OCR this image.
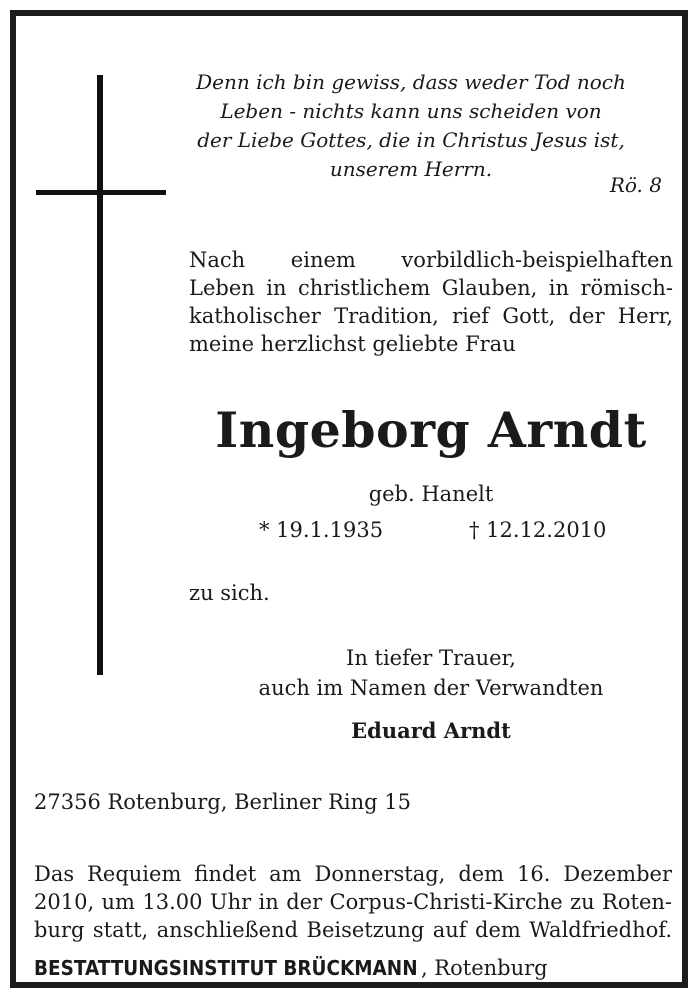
Denn ich bin gewiss, dass weder Tod noch
Leben - nichts kann uns scheiden von
der Liebe Gottes, die in Christus Jesus ist,
unserem Herrn.
Rö. 8
Nach einem vorbildlich-beispielhaften
Leben in christlichem Glauben, in römisch-
katholischer Tradition, rief Gott, der Herr,
meine herzlichst geliebte Frau
Ingeborg Arndt
geb. Hanelt
* 19.1.1935	† 12.12.2010
zu sich.
In tiefer Trauer,
auch im Namen der Verwandten
Eduard Arndt
27356 Rotenburg, Berliner Ring 15
Das Requiem findet am Donnerstag, dem 16. Dezember
2010, um 13.00 Uhr in der Corpus-Christi-Kirche zu Roten-
burg statt, anschließend Beisetzung auf dem Waldfriedhof.
BESTATTUNGSINSTITUT BRÜCKMANN , Rotenburg
